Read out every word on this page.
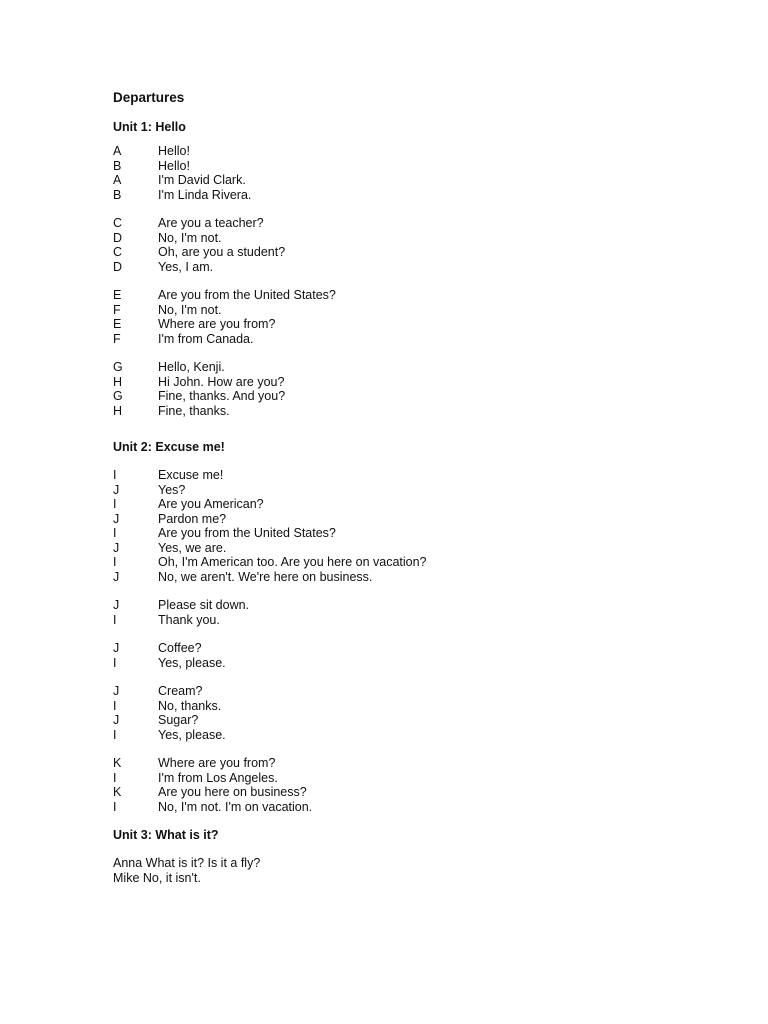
Departures
Unit 1: Hello
A	Hello!
B	Hello!
A	I'm David Clark.
B	I'm Linda Rivera.
C	Are you a teacher?
D	No, I'm not.
C	Oh, are you a student?
D	Yes, I am.
E	Are you from the United States?
F	No, I'm not.
E	Where are you from?
F	I'm from Canada.
G	Hello, Kenji.
H	Hi John. How are you?
G	Fine, thanks. And you?
H	Fine, thanks.
Unit 2: Excuse me!
I	Excuse me!
J	Yes?
I	Are you American?
J	Pardon me?
I	Are you from the United States?
J	Yes, we are.
I	Oh, I'm American too. Are you here on vacation?
J	No, we aren't. We're here on business.
J	Please sit down.
I	Thank you.
J	Coffee?
I	Yes, please.
J	Cream?
I	No, thanks.
J	Sugar?
I	Yes, please.
K	Where are you from?
I	I'm from Los Angeles.
K	Are you here on business?
I	No, I'm not. I'm on vacation.
Unit 3: What is it?
Anna What is it? Is it a fly?
Mike No, it isn't.
